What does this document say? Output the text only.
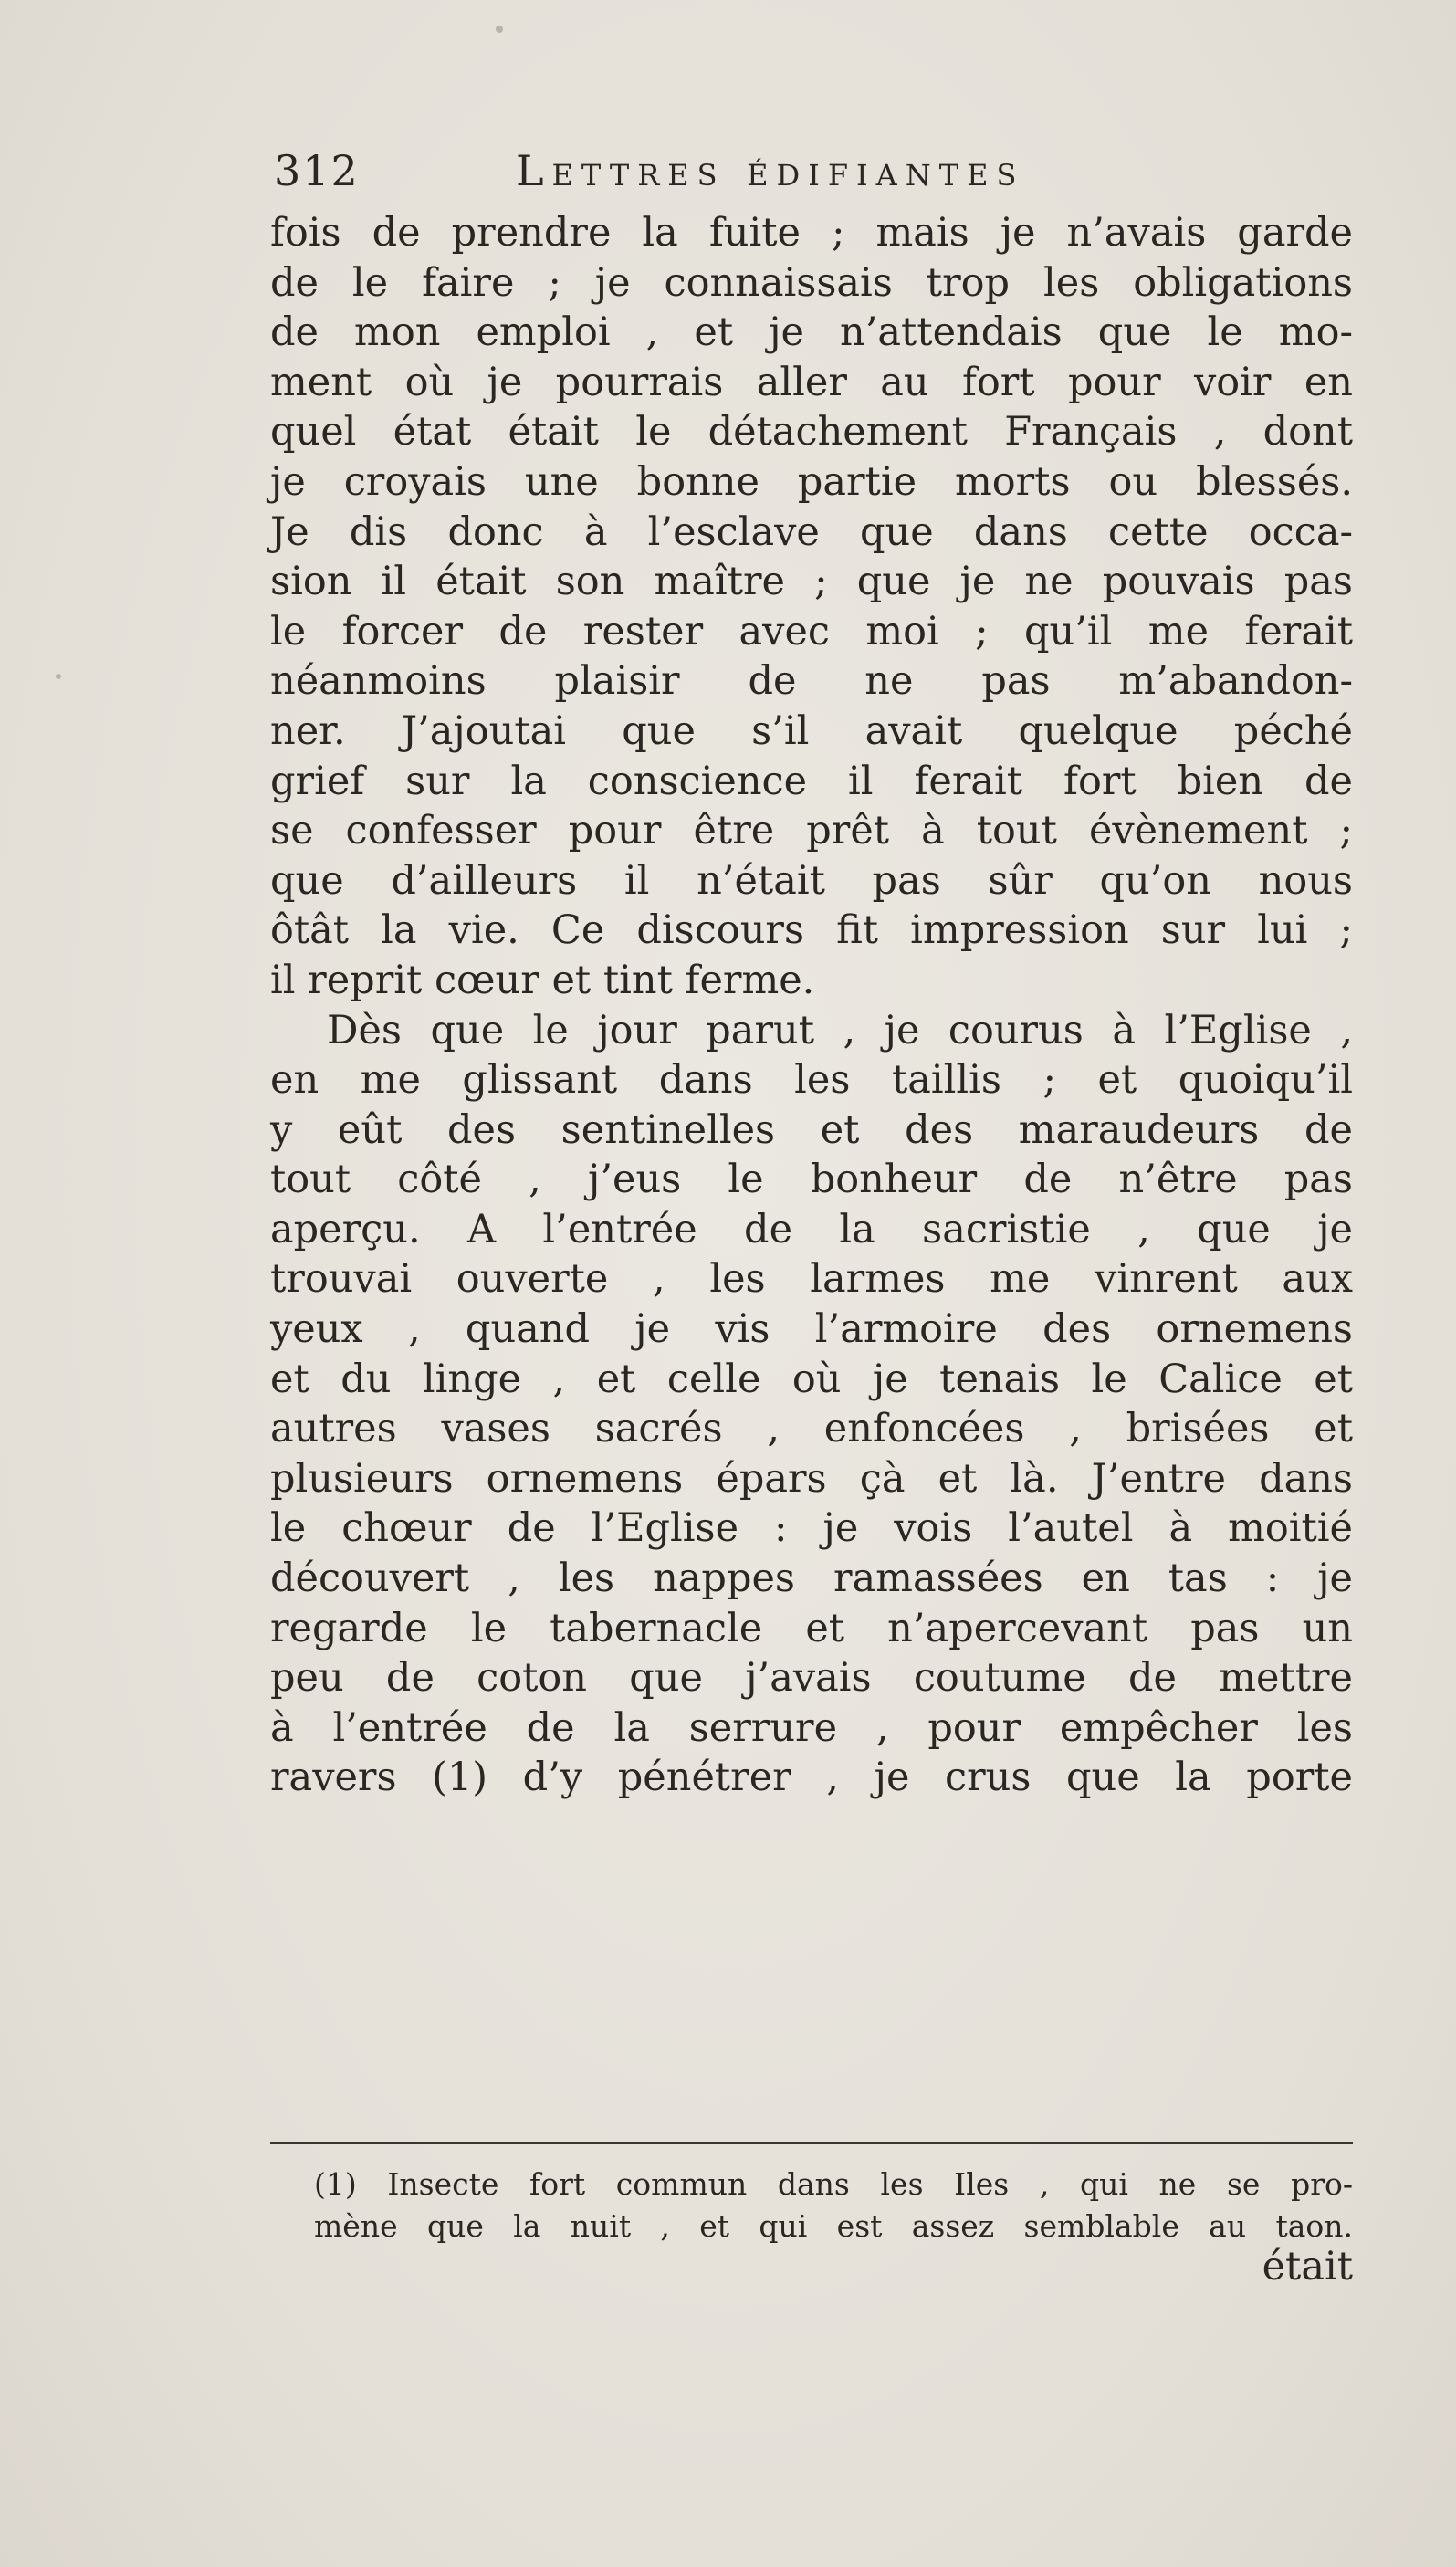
312	Lettres édifiantes
fois de prendre la fuite ; mais je n’avais garde
de le faire ; je connaissais trop les obligations
de mon emploi , et je n’attendais que le mo-
ment où je pourrais aller au fort pour voir en
quel état était le détachement Français , dont
je croyais une bonne partie morts ou blessés.
Je dis donc à l’esclave que dans cette occa-
sion il était son maître ; que je ne pouvais pas
le forcer de rester avec moi ; qu’il me ferait
néanmoins plaisir de ne pas m’abandon-
ner. J’ajoutai que s’il avait quelque péché
grief sur la conscience il ferait fort bien de
se confesser pour être prêt à tout évènement ;
que d’ailleurs il n’était pas sûr qu’on nous
ôtât la vie. Ce discours fit impression sur lui ;
il reprit cœur et tint ferme.
Dès que le jour parut , je courus à l’Eglise ,
en me glissant dans les taillis ; et quoiqu’il
y eût des sentinelles et des maraudeurs de
tout côté , j’eus le bonheur de n’être pas
aperçu. A l’entrée de la sacristie , que je
trouvai ouverte , les larmes me vinrent aux
yeux , quand je vis l’armoire des ornemens
et du linge , et celle où je tenais le Calice et
autres vases sacrés , enfoncées , brisées et
plusieurs ornemens épars çà et là. J’entre dans
le chœur de l’Eglise : je vois l’autel à moitié
découvert , les nappes ramassées en tas : je
regarde le tabernacle et n’apercevant pas un
peu de coton que j’avais coutume de mettre
à l’entrée de la serrure , pour empêcher les
ravers (1) d’y pénétrer , je crus que la porte
(1) Insecte fort commun dans les Iles , qui ne se pro-
mène que la nuit , et qui est assez semblable au taon.
était
